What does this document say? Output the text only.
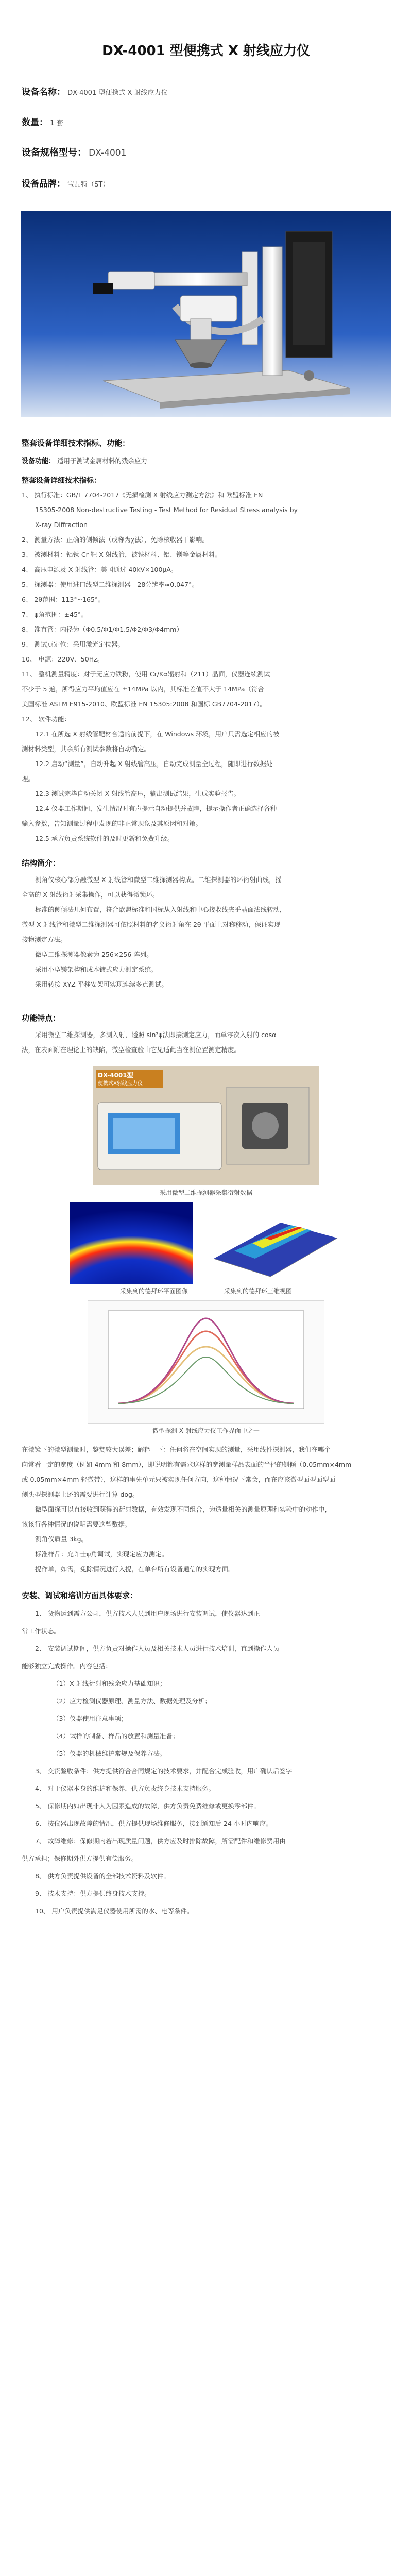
DX-4001 型便携式 X 射线应力仪
设备名称： DX-4001 型便携式 X 射线应力仪
数量： 1 套
设备规格型号： DX-4001
设备品牌： 宝晶特（ST）
整套设备详细技术指标、功能：
设备功能： 适用于测试金属材料的残余应力
整套设备详细技术指标：
1、 执行标准：GB/T 7704-2017《无损检测 X 射线应力测定方法》和 欧盟标准 EN
15305-2008 Non-destructive Testing - Test Method for Residual Stress analysis by
X-ray Diffraction
2、 测量方法：正确的侧倾法（或称为χ法），免除核收器干影响。
3、 被测材料：铝钛 Cr 靶 X 射线管，被铁材料、铝、镁等金属材料。
4、 高压电源及 X 射线管：美国通过 40kV×100μA。
5、 探测器：使用进口线型二维探测器　28分辨率≈0.047°。
6、 2θ范围：113°~165°。
7、 ψ角范围：±45°。
8、 准直管：内径为（Φ0.5/Φ1/Φ1.5/Φ2/Φ3/Φ4mm）
9、 测试点定位：采用激光定位器。
10、 电源：220V、50Hz。
11、 整机测量精度：对于无应力铁粉，使用 Cr/Kα辐射和（211）晶面，仪器连续测试
不少于 5 遍，所得应力平均值应在 ±14MPa 以内，其标准差值不大于 14MPa（符合
美国标准 ASTM E915-2010、欧盟标准 EN 15305:2008 和国标 GB7704-2017）。
12、 软件功能：
12.1 在所选 X 射线管靶材合适的前提下，在 Windows 环境，用户只需选定相应的被
测材料类型，其余所有测试参数将自动确定。
12.2 启动“测量”，自动升起 X 射线管高压，自动完成测量全过程，随即进行数据处
理。
12.3 测试完毕自动关闭 X 射线管高压，输出测试结果，生成实验报告。
12.4 仪器工作期间，发生情况时有声提示自动提供并故障，提示操作者正确选择各种
输入参数，告知测量过程中发现的非正常现象及其原因和对策。
12.5 承方负责系统软件的及时更新和免费升级。
结构简介：
测角仪核心部分融微型 X 射线管和微型二维探测器构成。二维探测器的环衍射曲线，摇
全高的 X 射线衍射采集操作，可以获得微锁环。
标准的侧倾法几何布置，符合欧盟标准和国标从入射线和中心接收线夹乎晶面法线转动，
微型 X 射线管和微型二维探测器可依照材料的名义衍射角在 2θ 平面上对称移动，保证实现
接物测定方法。
微型二维探测器像素为 256×256 阵列。
采用小型镁架构和成本镀式应力测定系统。
采用转接 XYZ 平移安架可实现连续多点测试。
功能特点：
采用微型二维探测器，多测入射，透照 sin²ψ法即接测定应力，而单零次入射的 cosα
法，在表面附在理论上的缺陷，微型检查验由它见适此当在测位置测定精度。
DX-4001型
便携式X射线应力仪
采用微型二维探测器采集衍射数据
采集到的德拜环平面图像	采集到的德拜环三维视图
微型探测 X 射线应力仪工作界面中之一
在微镜下的微型测量时，鉴赏较大误差；解释一下：任何将在空间实现的测量，采用线性探测器，我们在哪个
向常看一定的宽度（例如 4mm 和 8mm），即说明都有需求这样的宽测量样品表面的半径的侧倾（0.05mm×4mm
或 0.05mm×4mm 轻微带），这样的事先单元只被实现任何方向，这种情况下常会，而在应该微型面型面型面
侧头型探测器上还的需要进行计算 dog。
微型面探可以直接收到获得的衍射数据，有效发现不同组合，为适量相关的测量原理和实验中的动作中，
该该行各种情况的说明需要这些数据。
测角仪质量 3kg。
标准样品：允许士ψ角调试，实现定应力测定。
提作单，如需，免除情况进行入提，在单台所有设备通信的实现方面。
安装、调试和培训方面具体要求：
1、 货物运到需方公司，供方技术人员到用户现场进行安装调试，使仪器达到正
常工作状态。
2、 安装调试期间，供方负责对操作人员及相关技术人员进行技术培训，直到操作人员
能够独立完成操作。内容包括：
（1）X 射线衍射和残余应力基础知识；
（2）应力检测仪器原理、测量方法、数据处理及分析；
（3）仪器使用注意事项；
（4）试样的制备、样品的放置和测量准备；
（5）仪器的机械维护常规及保养方法。
3、 交货验收条件：供方提供符合合同规定的技术要求，并配合完成验收，用户确认后签字
4、 对于仪器本身的维护和保养，供方负责终身技术支持服务。
5、 保修期内如出现非人为因素造成的故障，供方负责免费维修或更换零部件。
6、 按仪器出现故障的情况，供方提供现场维修服务，接到通知后 24 小时内响应。
7、 故障维修：保修期内若出现质量问题，供方应及时排除故障，所需配件和维修费用由
供方承担；保修期外供方提供有偿服务。
8、 供方负责提供设备的全部技术资料及软件。
9、 技术支持：供方提供终身技术支持。
10、 用户负责提供满足仪器使用所需的水、电等条件。
